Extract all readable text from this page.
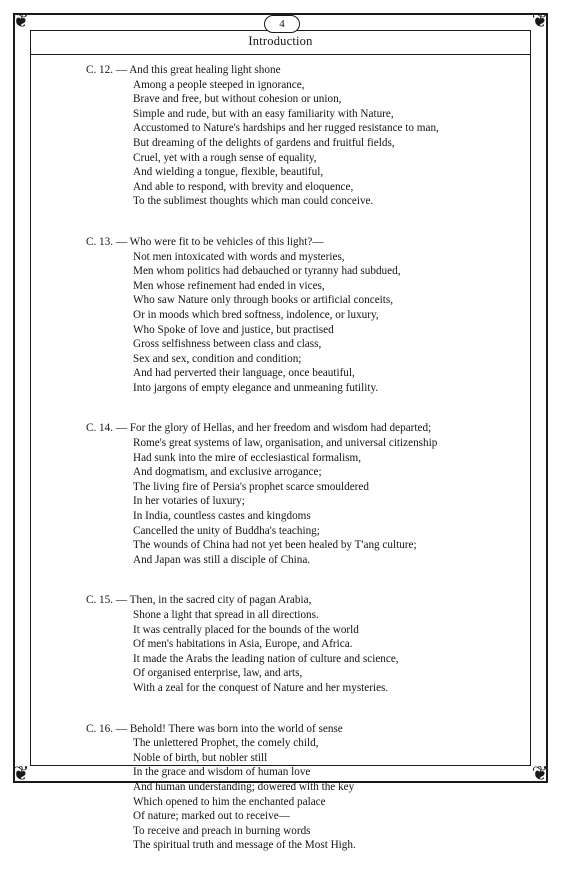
❦	❦
❦	❦
4
Introduction
C. 12. — And this great healing light shone
Among a people steeped in ignorance,
Brave and free, but without cohesion or union,
Simple and rude, but with an easy familiarity with Nature,
Accustomed to Nature's hardships and her rugged resistance to man,
But dreaming of the delights of gardens and fruitful fields,
Cruel, yet with a rough sense of equality,
And wielding a tongue, flexible, beautiful,
And able to respond, with brevity and eloquence,
To the sublimest thoughts which man could conceive.
C. 13. — Who were fit to be vehicles of this light?—
Not men intoxicated with words and mysteries,
Men whom politics had debauched or tyranny had subdued,
Men whose refinement had ended in vices,
Who saw Nature only through books or artificial conceits,
Or in moods which bred softness, indolence, or luxury,
Who Spoke of love and justice, but practised
Gross selfishness between class and class,
Sex and sex, condition and condition;
And had perverted their language, once beautiful,
Into jargons of empty elegance and unmeaning futility.
C. 14. — For the glory of Hellas, and her freedom and wisdom had departed;
Rome's great systems of law, organisation, and universal citizenship
Had sunk into the mire of ecclesiastical formalism,
And dogmatism, and exclusive arrogance;
The living fire of Persia's prophet scarce smouldered
In her votaries of luxury;
In India, countless castes and kingdoms
Cancelled the unity of Buddha's teaching;
The wounds of China had not yet been healed by T'ang culture;
And Japan was still a disciple of China.
C. 15. — Then, in the sacred city of pagan Arabia,
Shone a light that spread in all directions.
It was centrally placed for the bounds of the world
Of men's habitations in Asia, Europe, and Africa.
It made the Arabs the leading nation of culture and science,
Of organised enterprise, law, and arts,
With a zeal for the conquest of Nature and her mysteries.
C. 16. — Behold! There was born into the world of sense
The unlettered Prophet, the comely child,
Noble of birth, but nobler still
In the grace and wisdom of human love
And human understanding; dowered with the key
Which opened to him the enchanted palace
Of nature; marked out to receive—
To receive and preach in burning words
The spiritual truth and message of the Most High.
